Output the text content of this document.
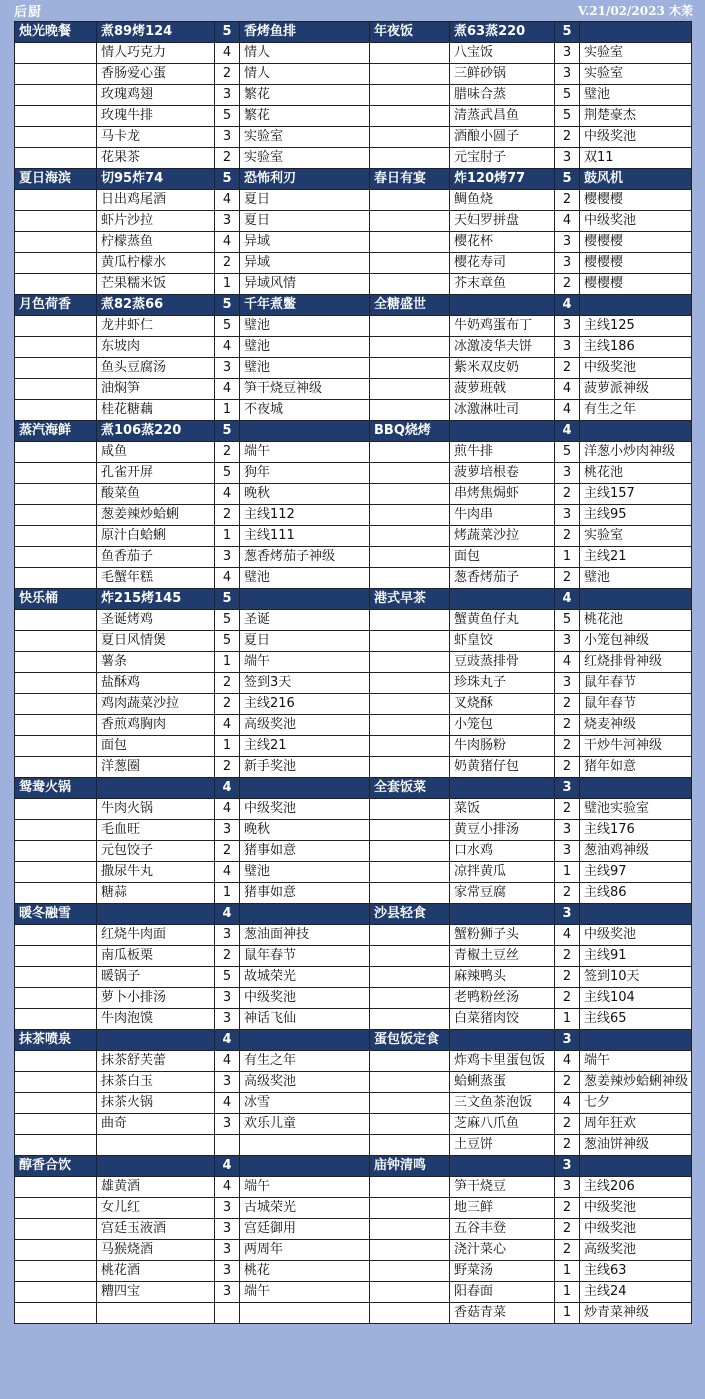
后厨	V.21/02/2023 木茉
烛光晚餐	煮89烤124	5	香烤鱼排	年夜饭	煮63蒸220	5	
	情人巧克力	4	情人		八宝饭	3	实验室
	香肠爱心蛋	2	情人		三鲜砂锅	3	实验室
	玫瑰鸡翅	3	繁花		腊味合蒸	5	璧池
	玫瑰牛排	5	繁花		清蒸武昌鱼	5	荆楚豪杰
	马卡龙	3	实验室		酒酿小圆子	2	中级奖池
	花果茶	2	实验室		元宝肘子	3	双11
夏日海滨	切95炸74	5	恐怖利刃	春日有宴	炸120烤77	5	鼓风机
	日出鸡尾酒	4	夏日		鲷鱼烧	2	樱樱樱
	虾片沙拉	3	夏日		天妇罗拼盘	4	中级奖池
	柠檬蒸鱼	4	异域		樱花杯	3	樱樱樱
	黄瓜柠檬水	2	异域		樱花寿司	3	樱樱樱
	芒果糯米饭	1	异域风情		芥末章鱼	2	樱樱樱
月色荷香	煮82蒸66	5	千年煮鳖	全糖盛世		4	
	龙井虾仁	5	璧池		牛奶鸡蛋布丁	3	主线125
	东坡肉	4	璧池		冰激凌华夫饼	3	主线186
	鱼头豆腐汤	3	璧池		紫米双皮奶	2	中级奖池
	油焖笋	4	笋干烧豆神级		菠萝班戟	4	菠萝派神级
	桂花糖藕	1	不夜城		冰激淋吐司	4	有生之年
蒸汽海鲜	煮106蒸220	5		BBQ烧烤		4	
	咸鱼	2	端午		煎牛排	5	洋葱小炒肉神级
	孔雀开屏	5	狗年		菠萝培根卷	3	桃花池
	酸菜鱼	4	晚秋		串烤焦焗虾	2	主线157
	葱姜辣炒蛤蜊	2	主线112		牛肉串	3	主线95
	原汁白蛤蜊	1	主线111		烤蔬菜沙拉	2	实验室
	鱼香茄子	3	葱香烤茄子神级		面包	1	主线21
	毛蟹年糕	4	璧池		葱香烤茄子	2	璧池
快乐桶	炸215烤145	5		港式早茶		4	
	圣诞烤鸡	5	圣诞		蟹黄鱼仔丸	5	桃花池
	夏日风情煲	5	夏日		虾皇饺	3	小笼包神级
	薯条	1	端午		豆豉蒸排骨	4	红烧排骨神级
	盐酥鸡	2	签到3天		珍珠丸子	3	鼠年春节
	鸡肉蔬菜沙拉	2	主线216		叉烧酥	2	鼠年春节
	香煎鸡胸肉	4	高级奖池		小笼包	2	烧麦神级
	面包	1	主线21		牛肉肠粉	2	干炒牛河神级
	洋葱圈	2	新手奖池		奶黄猪仔包	2	猪年如意
鸳鸯火锅		4		全套饭菜		3	
	牛肉火锅	4	中级奖池		菜饭	2	璧池实验室
	毛血旺	3	晚秋		黄豆小排汤	3	主线176
	元包饺子	2	猪事如意		口水鸡	3	葱油鸡神级
	撒尿牛丸	4	璧池		凉拌黄瓜	1	主线97
	糖蒜	1	猪事如意		家常豆腐	2	主线86
暖冬融雪		4		沙县轻食		3	
	红烧牛肉面	3	葱油面神技		蟹粉狮子头	4	中级奖池
	南瓜板栗	2	鼠年春节		青椒土豆丝	2	主线91
	暖锅子	5	故城荣光		麻辣鸭头	2	签到10天
	萝卜小排汤	3	中级奖池		老鸭粉丝汤	2	主线104
	牛肉泡馍	3	神话飞仙		白菜猪肉饺	1	主线65
抹茶喷泉		4		蛋包饭定食		3	
	抹茶舒芙蕾	4	有生之年		炸鸡卡里蛋包饭	4	端午
	抹茶白玉	3	高级奖池		蛤蜊蒸蛋	2	葱姜辣炒蛤蜊神级
	抹茶火锅	4	冰雪		三文鱼茶泡饭	4	七夕
	曲奇	3	欢乐儿童		芝麻八爪鱼	2	周年狂欢
					土豆饼	2	葱油饼神级
醇香合饮		4		庙钟清鸣		3	
	雄黄酒	4	端午		笋干烧豆	3	主线206
	女儿红	3	古城荣光		地三鲜	2	中级奖池
	宫廷玉液酒	3	宫廷御用		五谷丰登	2	中级奖池
	马猴烧酒	3	两周年		浇汁菜心	2	高级奖池
	桃花酒	3	桃花		野菜汤	1	主线63
	糟四宝	3	端午		阳春面	1	主线24
					香菇青菜	1	炒青菜神级
